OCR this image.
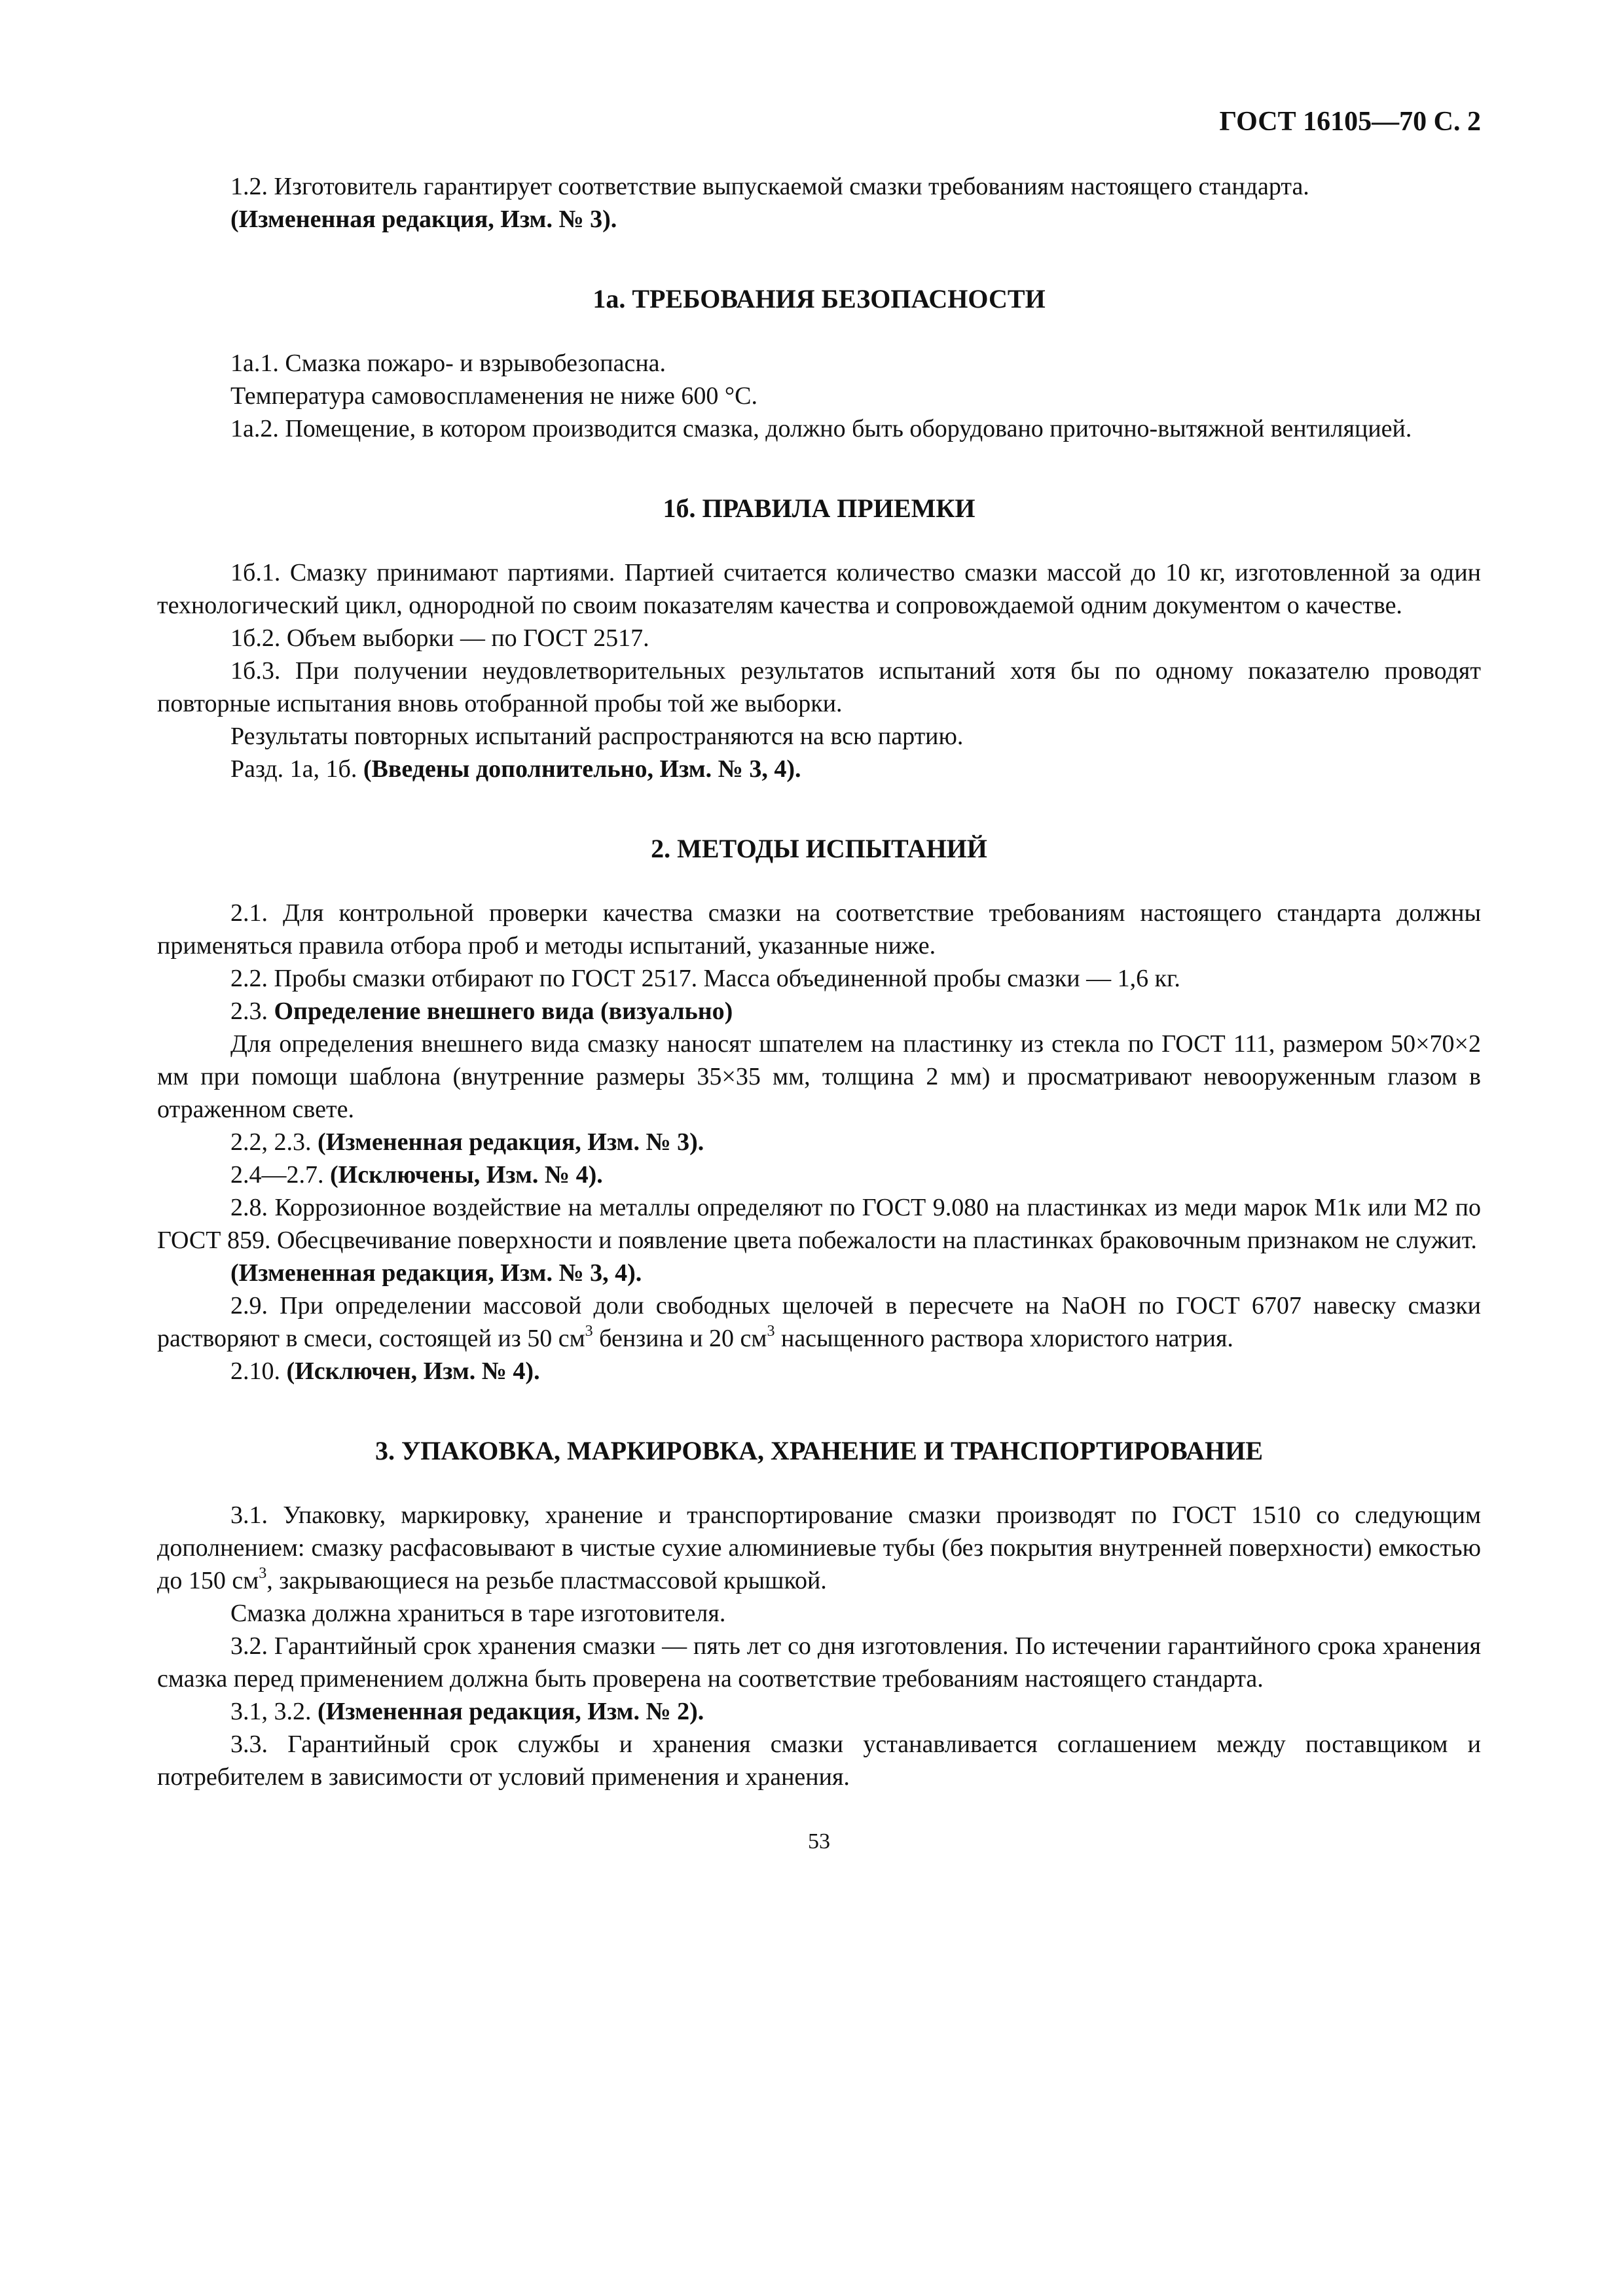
ГОСТ 16105—70 С. 2

1.2. Изготовитель гарантирует соответствие выпускаемой смазки требованиям настоящего стандарта.

(Измененная редакция, Изм. № 3).

1а. ТРЕБОВАНИЯ БЕЗОПАСНОСТИ

1а.1. Смазка пожаро- и взрывобезопасна.

Температура самовоспламенения не ниже 600 °С.

1а.2. Помещение, в котором производится смазка, должно быть оборудовано приточно-вытяжной вентиляцией.

1б. ПРАВИЛА ПРИЕМКИ

1б.1. Смазку принимают партиями. Партией считается количество смазки массой до 10 кг, изготовленной за один технологический цикл, однородной по своим показателям качества и сопровождаемой одним документом о качестве.

1б.2. Объем выборки — по ГОСТ 2517.

1б.3. При получении неудовлетворительных результатов испытаний хотя бы по одному показателю проводят повторные испытания вновь отобранной пробы той же выборки.

Результаты повторных испытаний распространяются на всю партию.

Разд. 1а, 1б. (Введены дополнительно, Изм. № 3, 4).

2. МЕТОДЫ ИСПЫТАНИЙ

2.1. Для контрольной проверки качества смазки на соответствие требованиям настоящего стандарта должны применяться правила отбора проб и методы испытаний, указанные ниже.

2.2. Пробы смазки отбирают по ГОСТ 2517. Масса объединенной пробы смазки — 1,6 кг.

2.3. Определение внешнего вида (визуально)

Для определения внешнего вида смазку наносят шпателем на пластинку из стекла по ГОСТ 111, размером 50×70×2 мм при помощи шаблона (внутренние размеры 35×35 мм, толщина 2 мм) и просматривают невооруженным глазом в отраженном свете.

2.2, 2.3. (Измененная редакция, Изм. № 3).

2.4—2.7. (Исключены, Изм. № 4).

2.8. Коррозионное воздействие на металлы определяют по ГОСТ 9.080 на пластинках из меди марок М1к или М2 по ГОСТ 859. Обесцвечивание поверхности и появление цвета побежалости на пластинках браковочным признаком не служит.

(Измененная редакция, Изм. № 3, 4).

2.9. При определении массовой доли свободных щелочей в пересчете на NaOH по ГОСТ 6707 навеску смазки растворяют в смеси, состоящей из 50 $см^3$ бензина и 20 $см^3$ насыщенного раствора хлористого натрия.

2.10. (Исключен, Изм. № 4).

3. УПАКОВКА, МАРКИРОВКА, ХРАНЕНИЕ И ТРАНСПОРТИРОВАНИЕ

3.1. Упаковку, маркировку, хранение и транспортирование смазки производят по ГОСТ 1510 со следующим дополнением: смазку расфасовывают в чистые сухие алюминиевые тубы (без покрытия внутренней поверхности) емкостью до 150 $см^3$, закрывающиеся на резьбе пластмассовой крышкой.

Смазка должна храниться в таре изготовителя.

3.2. Гарантийный срок хранения смазки — пять лет со дня изготовления. По истечении гарантийного срока хранения смазка перед применением должна быть проверена на соответствие требованиям настоящего стандарта.

3.1, 3.2. (Измененная редакция, Изм. № 2).

3.3. Гарантийный срок службы и хранения смазки устанавливается соглашением между поставщиком и потребителем в зависимости от условий применения и хранения.

53
